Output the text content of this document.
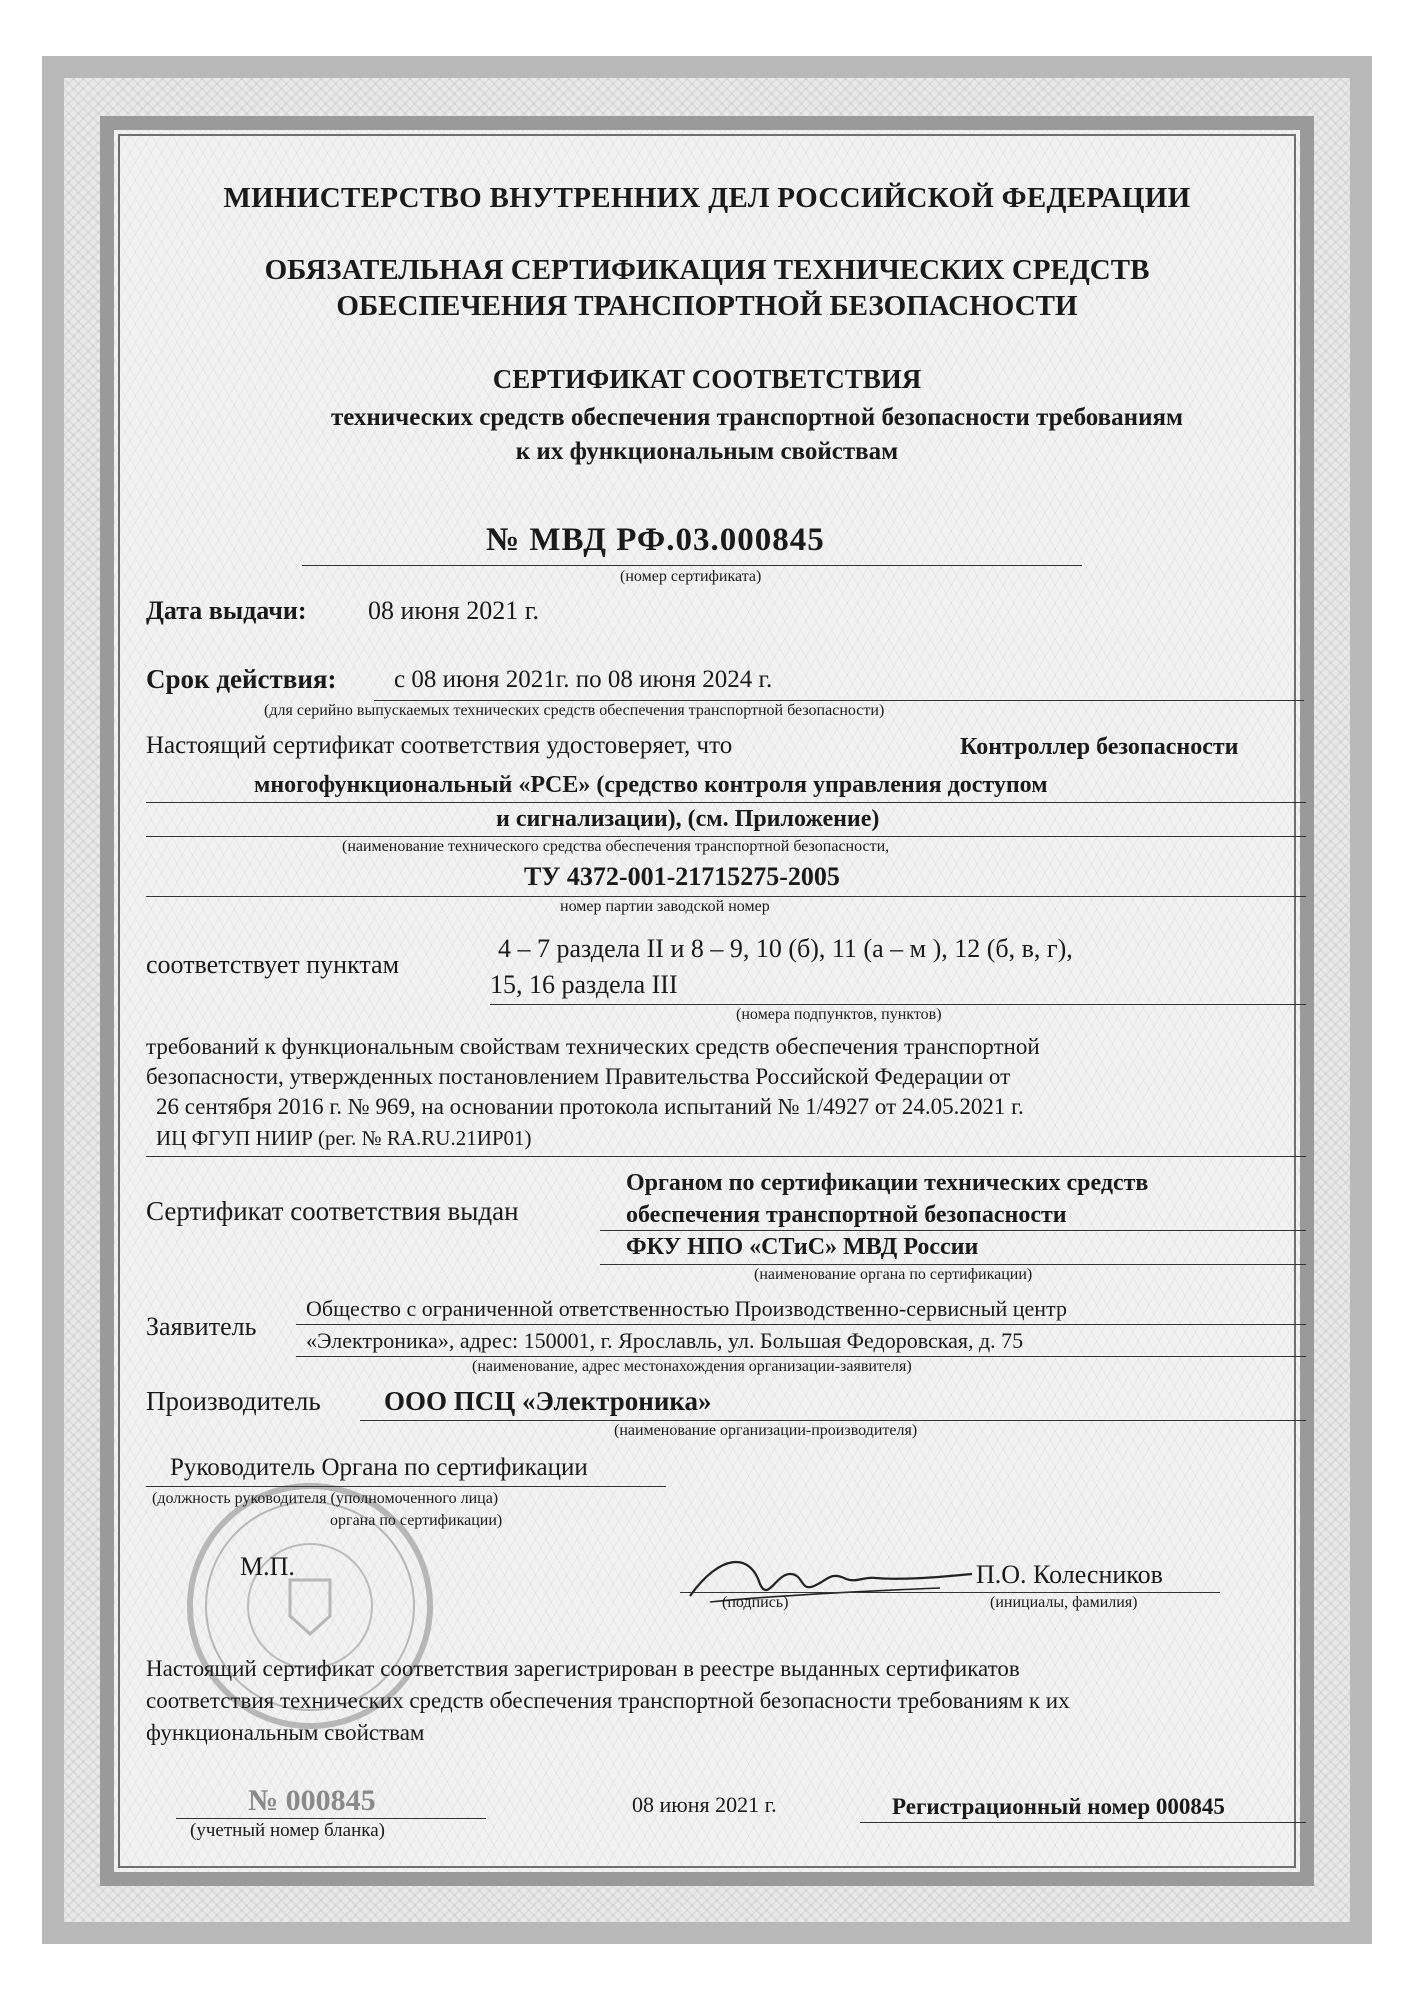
МИНИСТЕРСТВО ВНУТРЕННИХ ДЕЛ РОССИЙСКОЙ ФЕДЕРАЦИИ
ОБЯЗАТЕЛЬНАЯ СЕРТИФИКАЦИЯ ТЕХНИЧЕСКИХ СРЕДСТВ
ОБЕСПЕЧЕНИЯ ТРАНСПОРТНОЙ БЕЗОПАСНОСТИ
СЕРТИФИКАТ СООТВЕТСТВИЯ
технических средств обеспечения транспортной безопасности требованиям
к их функциональным свойствам
№ МВД РФ.03.000845
(номер сертификата)
Дата выдачи: 08 июня 2021 г.
Срок действия: с 08 июня 2021г. по 08 июня 2024 г.
(для серийно выпускаемых технических средств обеспечения транспортной безопасности)
Настоящий сертификат соответствия удостоверяет, что	Контроллер безопасности
многофункциональный «PCE» (средство контроля управления доступом
и сигнализации), (см. Приложение)
(наименование технического средства обеспечения транспортной безопасности,
ТУ 4372-001-21715275-2005
номер партии заводской номер
соответствует пунктам
4 – 7 раздела II и 8 – 9, 10 (б), 11 (а – м ), 12 (б, в, г),
15, 16 раздела III
(номера подпунктов, пунктов)
требований к функциональным свойствам технических средств обеспечения транспортной
безопасности, утвержденных постановлением Правительства Российской Федерации от
26 сентября 2016 г. № 969, на основании протокола испытаний № 1/4927 от 24.05.2021 г.
ИЦ ФГУП НИИР (рег. № RA.RU.21ИР01)
Органом по сертификации технических средств
Сертификат соответствия выдан	обеспечения транспортной безопасности
ФКУ НПО «СТиС» МВД России
(наименование органа по сертификации)
Общество с ограниченной ответственностью Производственно-сервисный центр
Заявитель «Электроника», адрес: 150001, г. Ярославль, ул. Большая Федоровская, д. 75
(наименование, адрес местонахождения организации-заявителя)
Производитель ООО ПСЦ «Электроника»
(наименование организации-производителя)
Руководитель Органа по сертификации
(должность руководителя (уполномоченного лица)
органа по сертификации)
М.П.	П.О. Колесников
(подпись)	(инициалы, фамилия)
Настоящий сертификат соответствия зарегистрирован в реестре выданных сертификатов
соответствия технических средств обеспечения транспортной безопасности требованиям к их
функциональным свойствам
№ 000845
(учетный номер бланка)
08 июня 2021 г.	Регистрационный номер 000845
